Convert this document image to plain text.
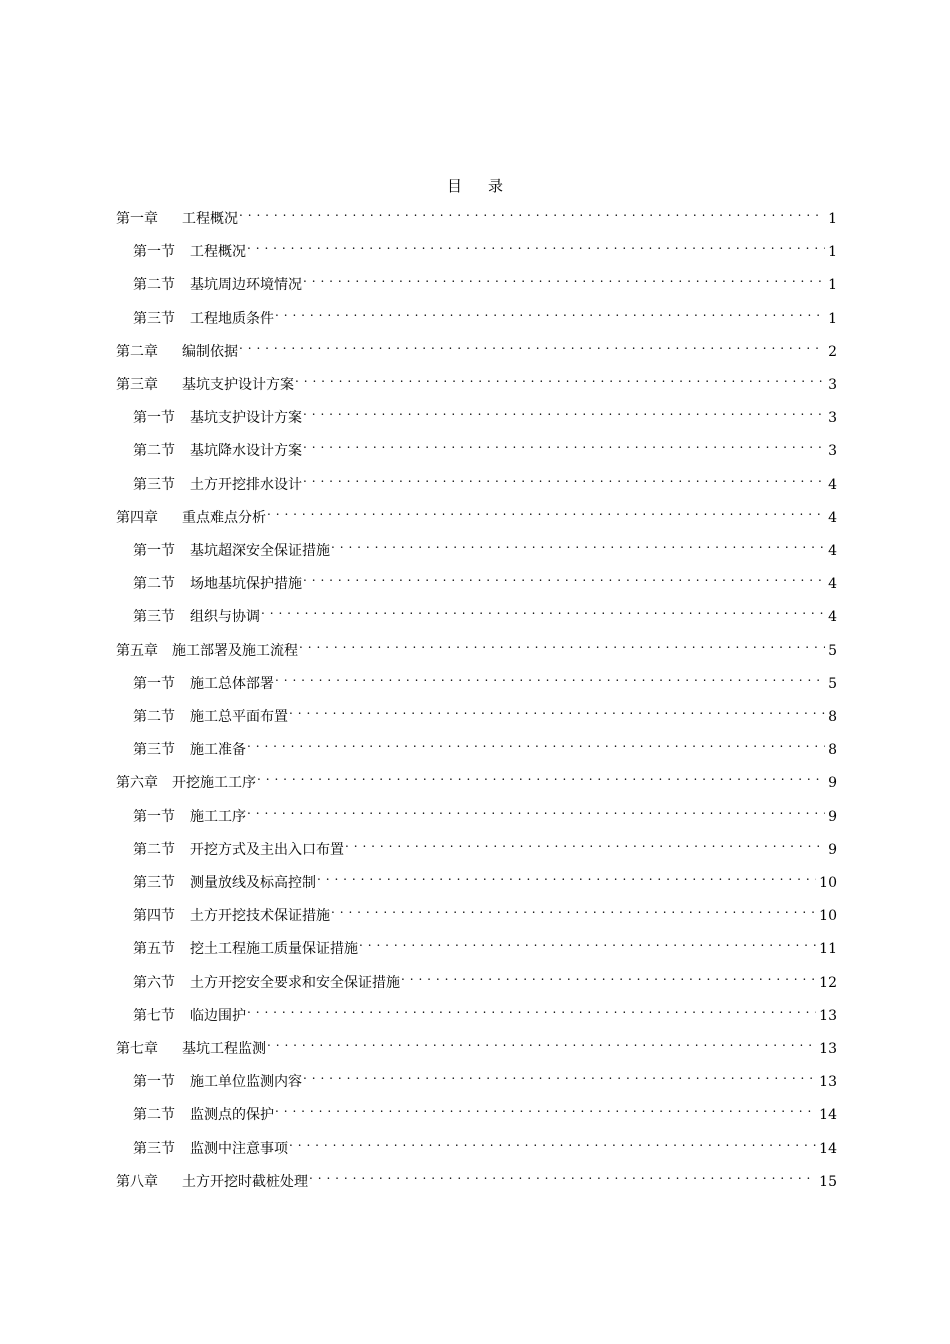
目 录
第一章 工程概况 . . .	1
第一节 工程概况 . . .	1
第二节 基坑周边环境情况 . . .	1
第三节 工程地质条件 . . .	1
第二章 编制依据 . . .	2
第三章 基坑支护设计方案 . . .	3
第一节 基坑支护设计方案 . . .	3
第二节 基坑降水设计方案 . . .	3
第三节 土方开挖排水设计 . . .	4
第四章 重点难点分析 . . .	4
第一节 基坑超深安全保证措施 . . .	4
第二节 场地基坑保护措施 . . .	4
第三节 组织与协调 . . .	4
第五章 施工部署及施工流程 . . .	5
第一节 施工总体部署 . . .	5
第二节 施工总平面布置 . . .	8
第三节 施工准备 . . .	8
第六章 开挖施工工序 . . .	9
第一节 施工工序 . . .	9
第二节 开挖方式及主出入口布置 . . .	9
第三节 测量放线及标高控制 . . .	10
第四节 土方开挖技术保证措施 . . .	10
第五节 挖土工程施工质量保证措施 . . .	11
第六节 土方开挖安全要求和安全保证措施 . . .	12
第七节 临边围护 . . .	13
第七章 基坑工程监测 . . .	13
第一节 施工单位监测内容 . . .	13
第二节 监测点的保护 . . .	14
第三节 监测中注意事项 . . .	14
第八章 土方开挖时截桩处理 . . .	15
